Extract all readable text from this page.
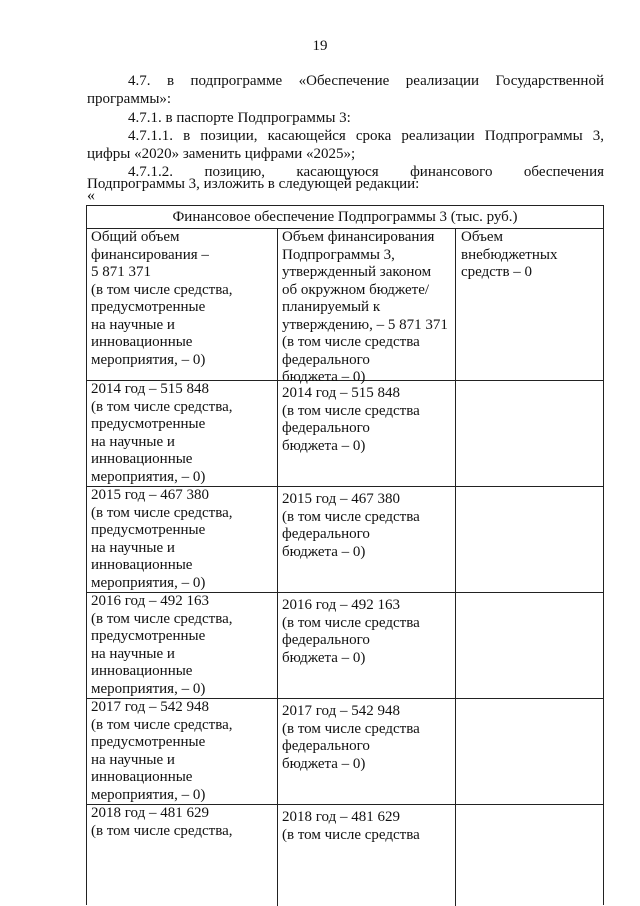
19
4.7. в подпрограмме «Обеспечение реализации Государственной
программы»:
4.7.1. в паспорте Подпрограммы 3:
4.7.1.1. в позиции, касающейся срока реализации Подпрограммы 3,
цифры «2020» заменить цифрами «2025»;
4.7.1.2. позицию, касающуюся финансового обеспечения
Подпрограммы 3, изложить в следующей редакции:
«
Финансовое обеспечение Подпрограммы 3 (тыс. руб.)
Общий объем
финансирования –
5 871 371
(в том числе средства,
предусмотренные
на научные и
инновационные
мероприятия, – 0)
Объем финансирования
Подпрограммы 3,
утвержденный законом
об окружном бюджете/
планируемый к
утверждению, – 5 871 371
(в том числе средства
федерального
бюджета – 0)
Объем
внебюджетных
средств – 0
2014 год – 515 848
(в том числе средства,
предусмотренные
на научные и
инновационные
мероприятия, – 0)
2014 год – 515 848
(в том числе средства
федерального
бюджета – 0)
2015 год – 467 380
(в том числе средства,
предусмотренные
на научные и
инновационные
мероприятия, – 0)
2015 год – 467 380
(в том числе средства
федерального
бюджета – 0)
2016 год – 492 163
(в том числе средства,
предусмотренные
на научные и
инновационные
мероприятия, – 0)
2016 год – 492 163
(в том числе средства
федерального
бюджета – 0)
2017 год – 542 948
(в том числе средства,
предусмотренные
на научные и
инновационные
мероприятия, – 0)
2017 год – 542 948
(в том числе средства
федерального
бюджета – 0)
2018 год – 481 629
(в том числе средства,
2018 год – 481 629
(в том числе средства
